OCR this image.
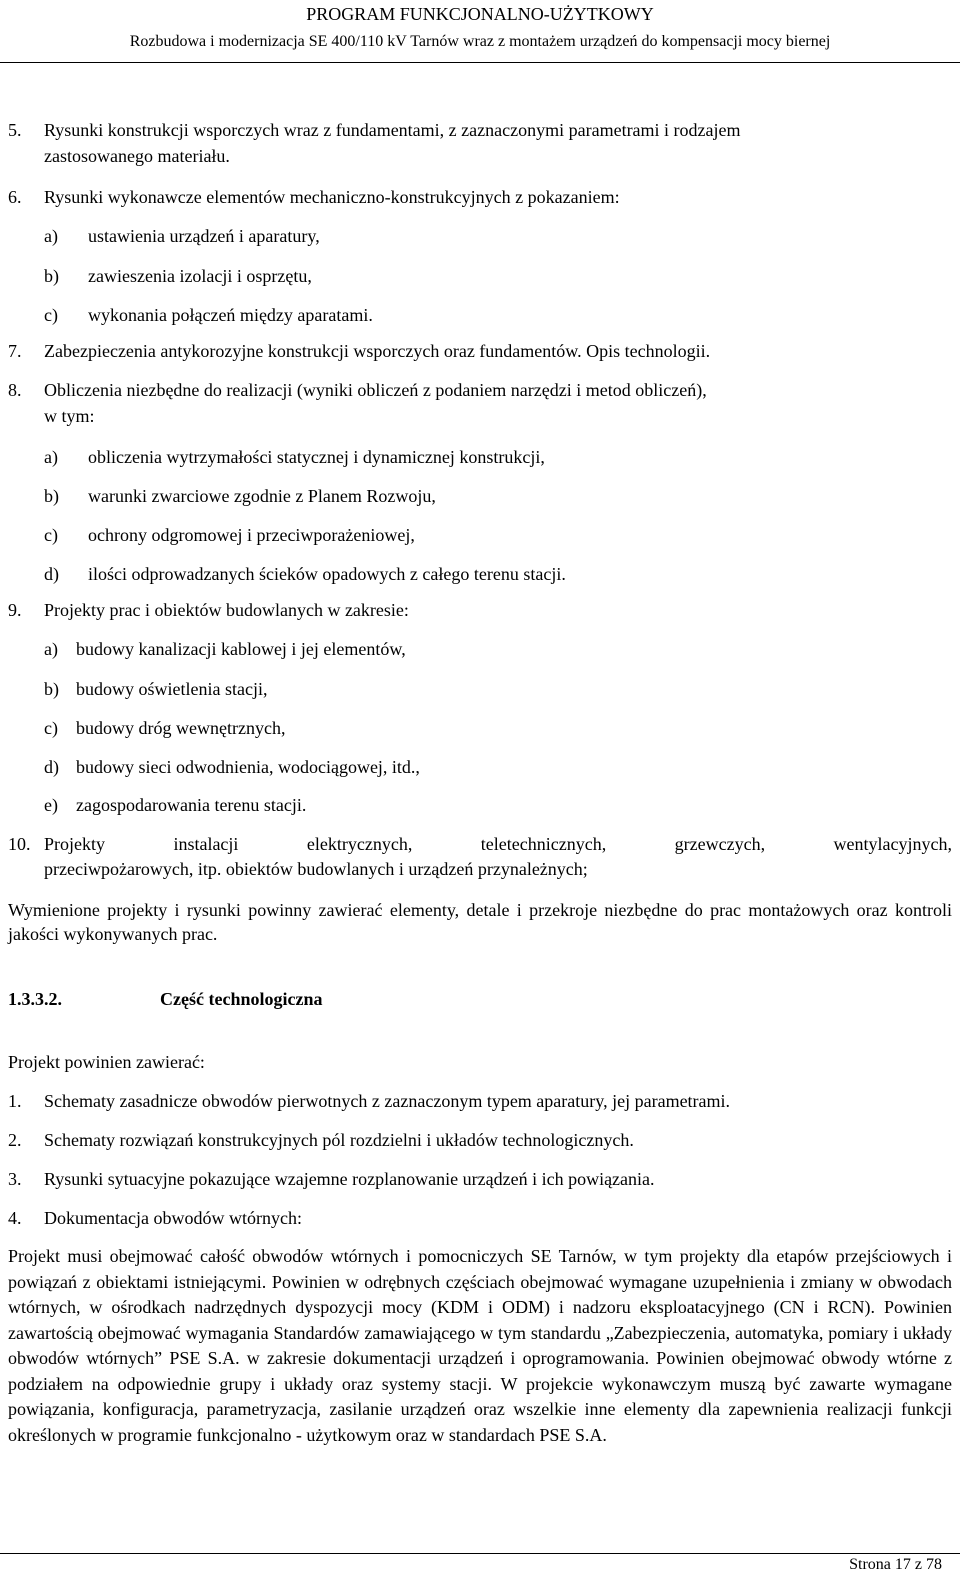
PROGRAM FUNKCJONALNO-UŻYTKOWY
Rozbudowa i modernizacja SE 400/110 kV Tarnów wraz z montażem urządzeń do kompensacji mocy biernej
5. Rysunki konstrukcji wsporczych wraz z fundamentami, z zaznaczonymi parametrami i rodzajem
zastosowanego materiału.
6. Rysunki wykonawcze elementów mechaniczno-konstrukcyjnych z pokazaniem:
a) ustawienia urządzeń i aparatury,
b) zawieszenia izolacji i osprzętu,
c) wykonania połączeń między aparatami.
7. Zabezpieczenia antykorozyjne konstrukcji wsporczych oraz fundamentów. Opis technologii.
8. Obliczenia niezbędne do realizacji (wyniki obliczeń z podaniem narzędzi i metod obliczeń),
w tym:
a) obliczenia wytrzymałości statycznej i dynamicznej konstrukcji,
b) warunki zwarciowe zgodnie z Planem Rozwoju,
c) ochrony odgromowej i przeciwporażeniowej,
d) ilości odprowadzanych ścieków opadowych z całego terenu stacji.
9. Projekty prac i obiektów budowlanych w zakresie:
a) budowy kanalizacji kablowej i jej elementów,
b) budowy oświetlenia stacji,
c) budowy dróg wewnętrznych,
d) budowy sieci odwodnienia, wodociągowej, itd.,
e) zagospodarowania terenu stacji.
10. Projekty instalacji elektrycznych, teletechnicznych, grzewczych, wentylacyjnych,
przeciwpożarowych, itp. obiektów budowlanych i urządzeń przynależnych;
Wymienione projekty i rysunki powinny zawierać elementy, detale i przekroje niezbędne do prac montażowych oraz kontroli jakości wykonywanych prac.
1.3.3.2.	Część technologiczna
Projekt powinien zawierać:
1. Schematy zasadnicze obwodów pierwotnych z zaznaczonym typem aparatury, jej parametrami.
2. Schematy rozwiązań konstrukcyjnych pól rozdzielni i układów technologicznych.
3. Rysunki sytuacyjne pokazujące wzajemne rozplanowanie urządzeń i ich powiązania.
4. Dokumentacja obwodów wtórnych:
Projekt musi obejmować całość obwodów wtórnych i pomocniczych SE Tarnów, w tym projekty dla etapów przejściowych i powiązań z obiektami istniejącymi. Powinien w odrębnych częściach obejmować wymagane uzupełnienia i zmiany w obwodach wtórnych, w ośrodkach nadrzędnych dyspozycji mocy (KDM i ODM) i nadzoru eksploatacyjnego (CN i RCN). Powinien zawartością obejmować wymagania Standardów zamawiającego w tym standardu „Zabezpieczenia, automatyka, pomiary i układy obwodów wtórnych” PSE S.A. w zakresie dokumentacji urządzeń i oprogramowania. Powinien obejmować obwody wtórne z podziałem na odpowiednie grupy i układy oraz systemy stacji. W projekcie wykonawczym muszą być zawarte wymagane powiązania, konfiguracja, parametryzacja, zasilanie urządzeń oraz wszelkie inne elementy dla zapewnienia realizacji funkcji określonych w programie funkcjonalno - użytkowym oraz w standardach PSE S.A.
Strona 17 z 78
